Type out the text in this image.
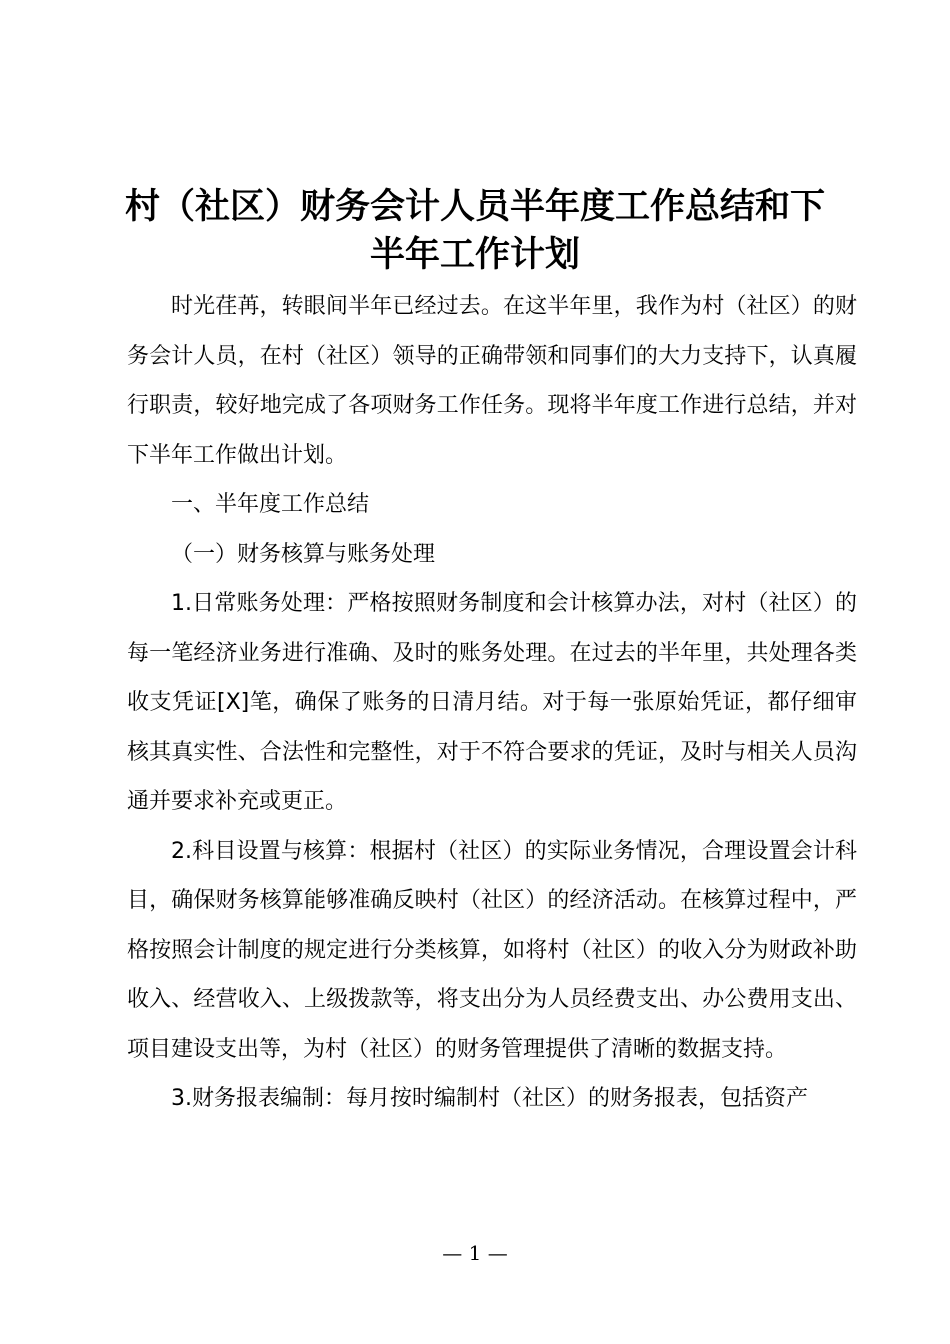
村（社区）财务会计人员半年度工作总结和下
半年工作计划

时光荏苒，转眼间半年已经过去。在这半年里，我作为村（社区）的财务会计人员，在村（社区）领导的正确带领和同事们的大力支持下，认真履行职责，较好地完成了各项财务工作任务。现将半年度工作进行总结，并对下半年工作做出计划。

一、半年度工作总结

（一）财务核算与账务处理

1.日常账务处理：严格按照财务制度和会计核算办法，对村（社区）的每一笔经济业务进行准确、及时的账务处理。在过去的半年里，共处理各类收支凭证[X]笔，确保了账务的日清月结。对于每一张原始凭证，都仔细审核其真实性、合法性和完整性，对于不符合要求的凭证，及时与相关人员沟通并要求补充或更正。

2.科目设置与核算：根据村（社区）的实际业务情况，合理设置会计科目，确保财务核算能够准确反映村（社区）的经济活动。在核算过程中，严格按照会计制度的规定进行分类核算，如将村（社区）的收入分为财政补助收入、经营收入、上级拨款等，将支出分为人员经费支出、办公费用支出、项目建设支出等，为村（社区）的财务管理提供了清晰的数据支持。

3.财务报表编制：每月按时编制村（社区）的财务报表，包括资产

— 1 —
